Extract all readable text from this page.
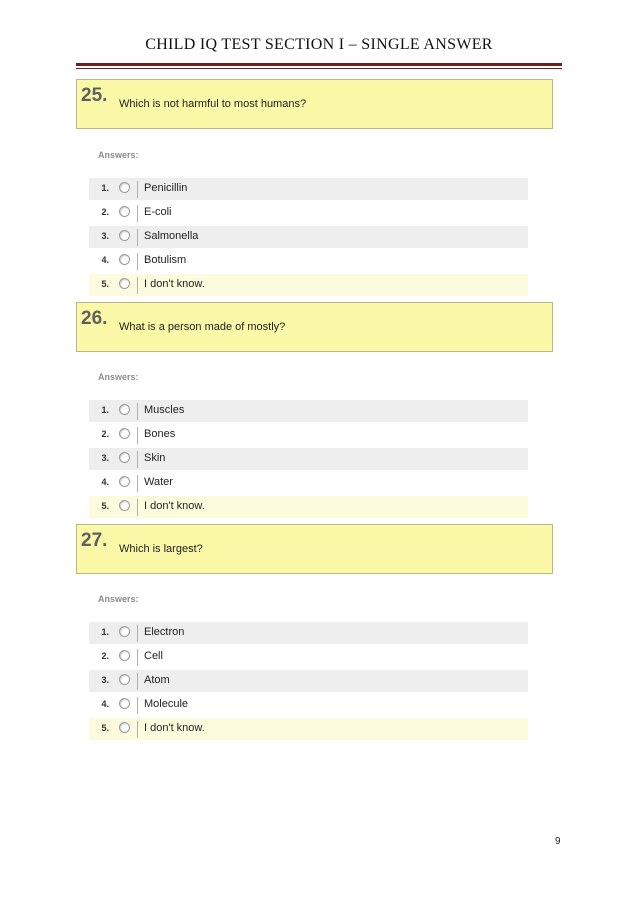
CHILD IQ TEST SECTION I – SINGLE ANSWER
25. Which is not harmful to most humans?
Answers:
1.	Penicillin
2.	E-coli
3.	Salmonella
4.	Botulism
5.	I don't know.
26. What is a person made of mostly?
Answers:
1.	Muscles
2.	Bones
3.	Skin
4.	Water
5.	I don't know.
27. Which is largest?
Answers:
1.	Electron
2.	Cell
3.	Atom
4.	Molecule
5.	I don't know.
9
